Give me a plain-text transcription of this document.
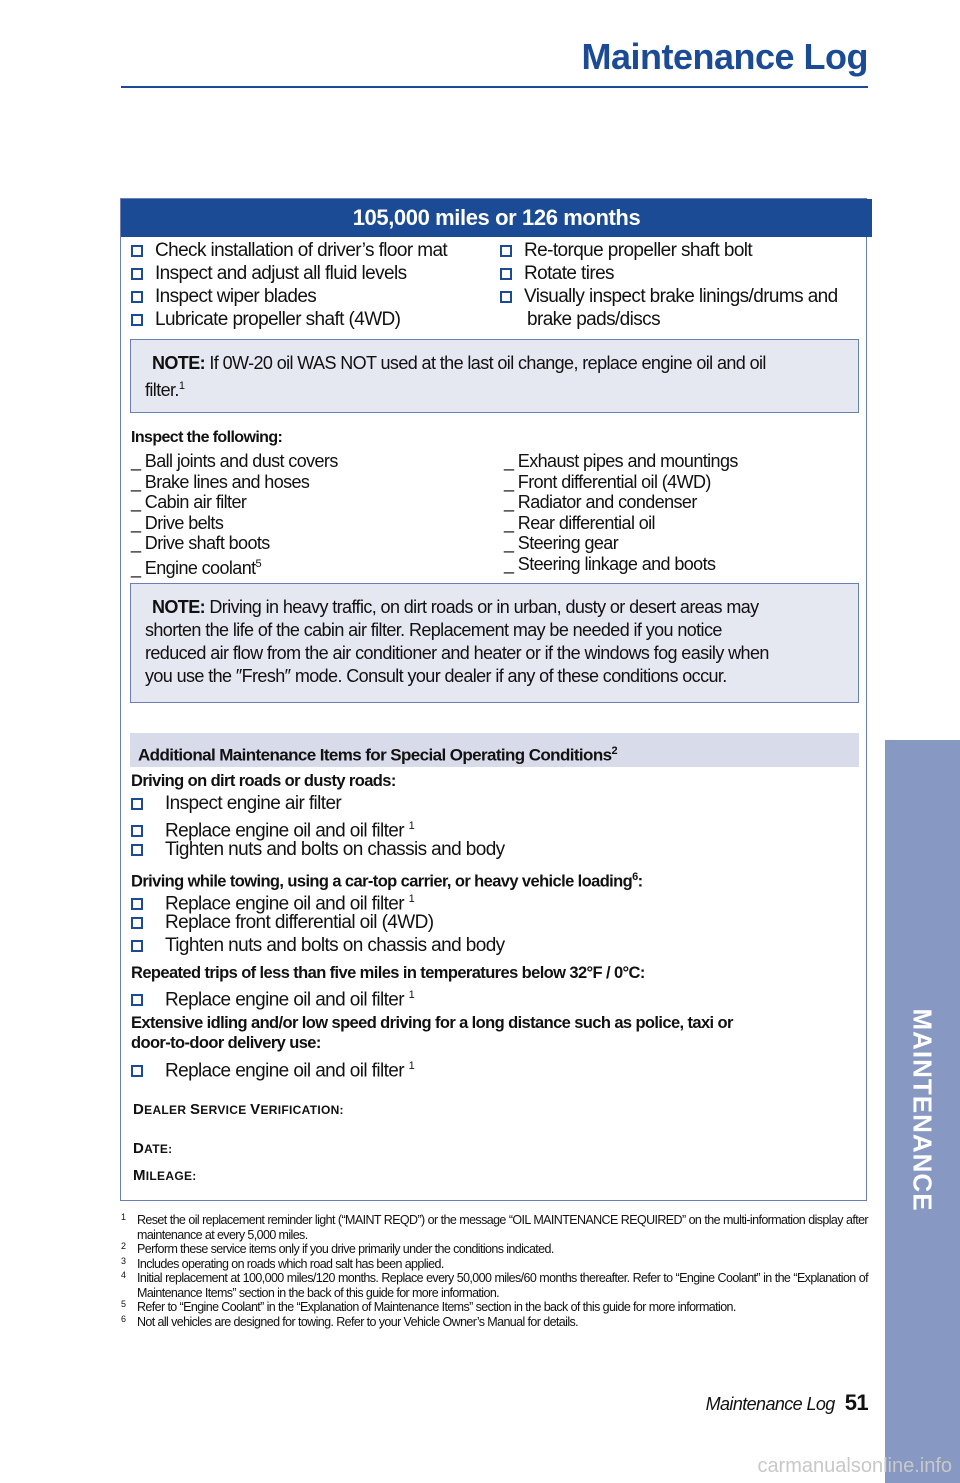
Maintenance Log
105,000 miles or 126 months
Check installation of driver’s floor mat
Inspect and adjust all fluid levels
Inspect wiper blades
Lubricate propeller shaft (4WD)
Re-torque propeller shaft bolt
Rotate tires
Visually inspect brake linings/drums and
brake pads/discs
NOTE: If 0W-20 oil WAS NOT used at the last oil change, replace engine oil and oil
filter.$^1$
Inspect the following:
_ Ball joints and dust covers
_ Brake lines and hoses
_ Cabin air filter
_ Drive belts
_ Drive shaft boots
_ Engine coolant$^5$
_ Exhaust pipes and mountings
_ Front differential oil (4WD)
_ Radiator and condenser
_ Rear differential oil
_ Steering gear
_ Steering linkage and boots
NOTE: Driving in heavy traffic, on dirt roads or in urban, dusty or desert areas may
shorten the life of the cabin air filter. Replacement may be needed if you notice
reduced air flow from the air conditioner and heater or if the windows fog easily when
you use the ″Fresh″ mode. Consult your dealer if any of these conditions occur.
Additional Maintenance Items for Special Operating Conditions$^2$
Driving on dirt roads or dusty roads:
Inspect engine air filter
Replace engine oil and oil filter $^1$
Tighten nuts and bolts on chassis and body
Driving while towing, using a car-top carrier, or heavy vehicle loading$^6$:
Replace engine oil and oil filter $^1$
Replace front differential oil (4WD)
Tighten nuts and bolts on chassis and body
Repeated trips of less than five miles in temperatures below 32°F / 0°C:
Replace engine oil and oil filter $^1$
Extensive idling and/or low speed driving for a long distance such as police, taxi or
door-to-door delivery use:
Replace engine oil and oil filter $^1$
DEALER SERVICE VERIFICATION:
DATE:
MILEAGE:
1 Reset the oil replacement reminder light (“MAINT REQD”) or the message “OIL MAINTENANCE REQUIRED” on the multi-information display after maintenance at every 5,000 miles.
2 Perform these service items only if you drive primarily under the conditions indicated.
3 Includes operating on roads which road salt has been applied.
4 Initial replacement at 100,000 miles/120 months. Replace every 50,000 miles/60 months thereafter. Refer to “Engine Coolant” in the “Explanation of Maintenance Items” section in the back of this guide for more information.
5 Refer to “Engine Coolant” in the “Explanation of Maintenance Items” section in the back of this guide for more information.
6 Not all vehicles are designed for towing. Refer to your Vehicle Owner’s Manual for details.
MAINTENANCE
Maintenance Log 51
carmanualsonline.info
